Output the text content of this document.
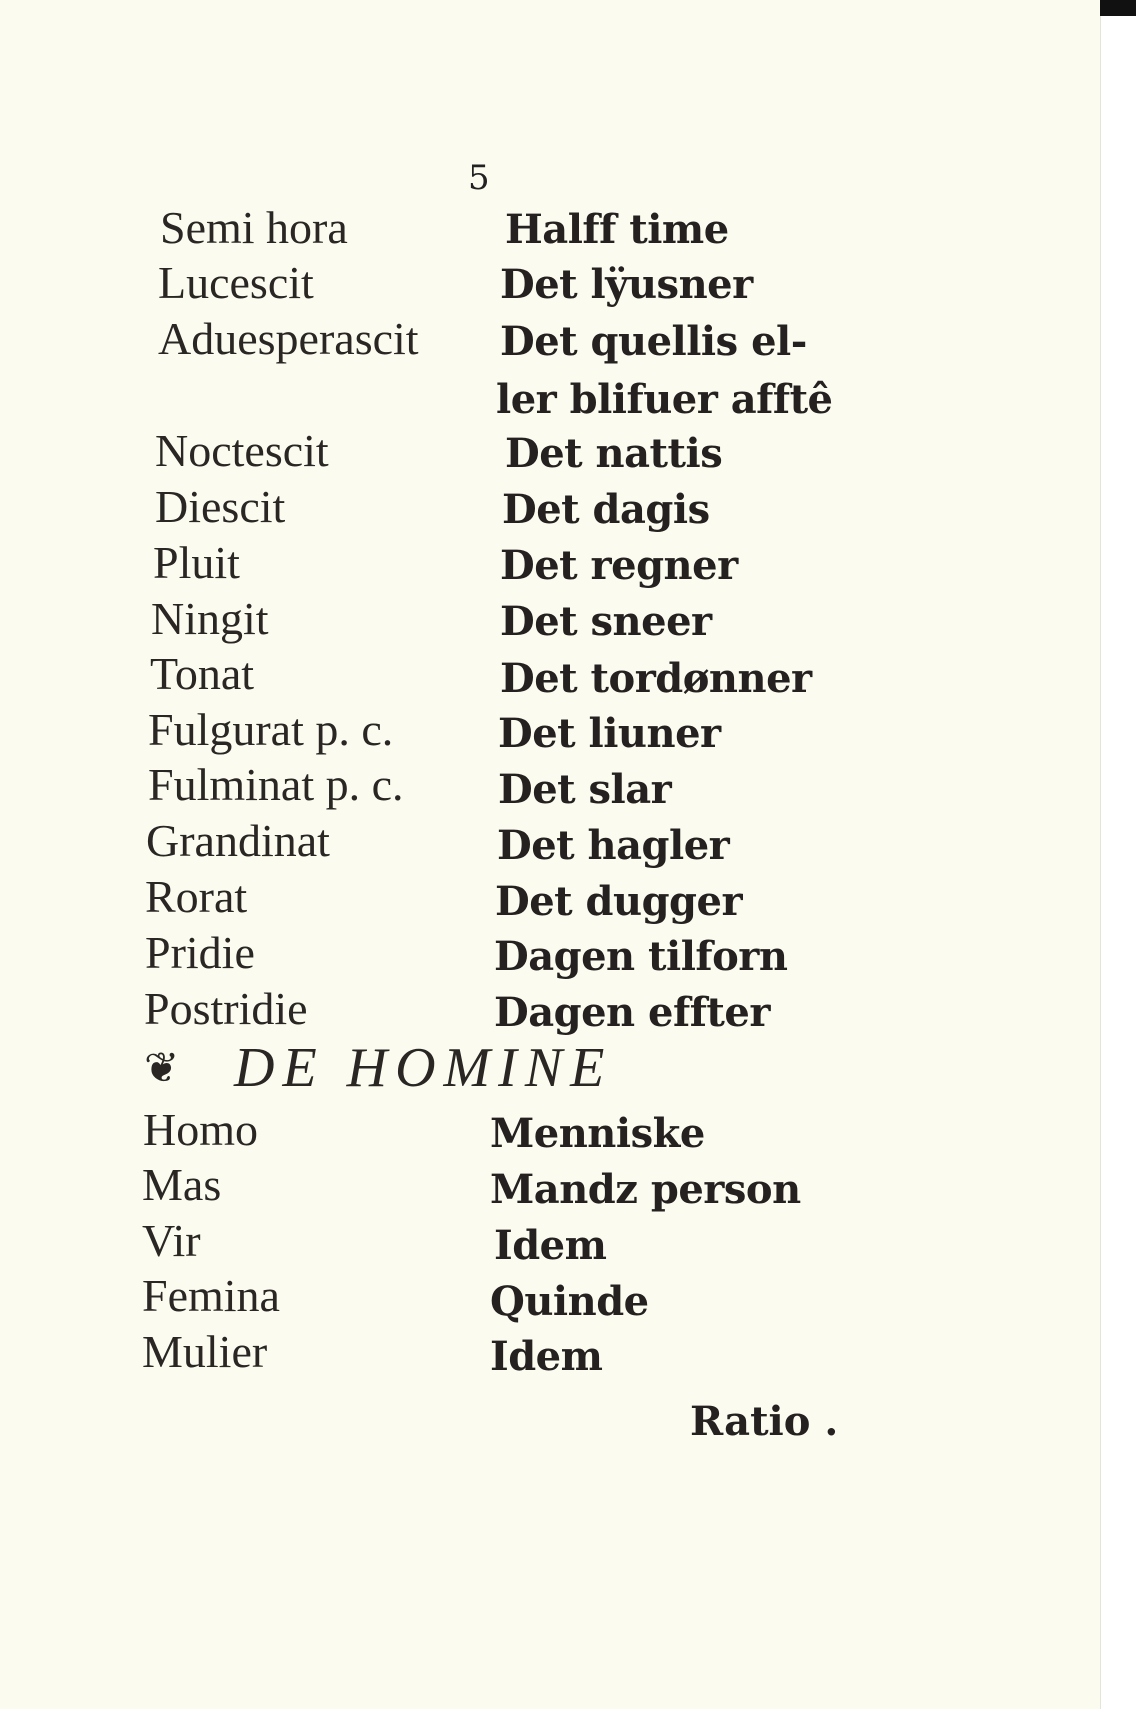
5
Semi hora	Halff time
Lucescit	Det lÿusner
Aduesperascit Det quellis el-
ler blifuer afftê
Noctescit	Det nattis
Diescit	Det dagis
Pluit	Det regner
Ningit	Det sneer
Tonat	Det tordønner
Fulgurat p. c.	Det liuner
Fulminat p. c. Det slar
Grandinat	Det hagler
Rorat	Det dugger
Pridie	Dagen tilforn
Postridie	Dagen effter
❦ DE HOMINE
Homo	Menniske
Mas	Mandz person
Vir	Idem
Femina	Quinde
Mulier	Idem
Ratio .
